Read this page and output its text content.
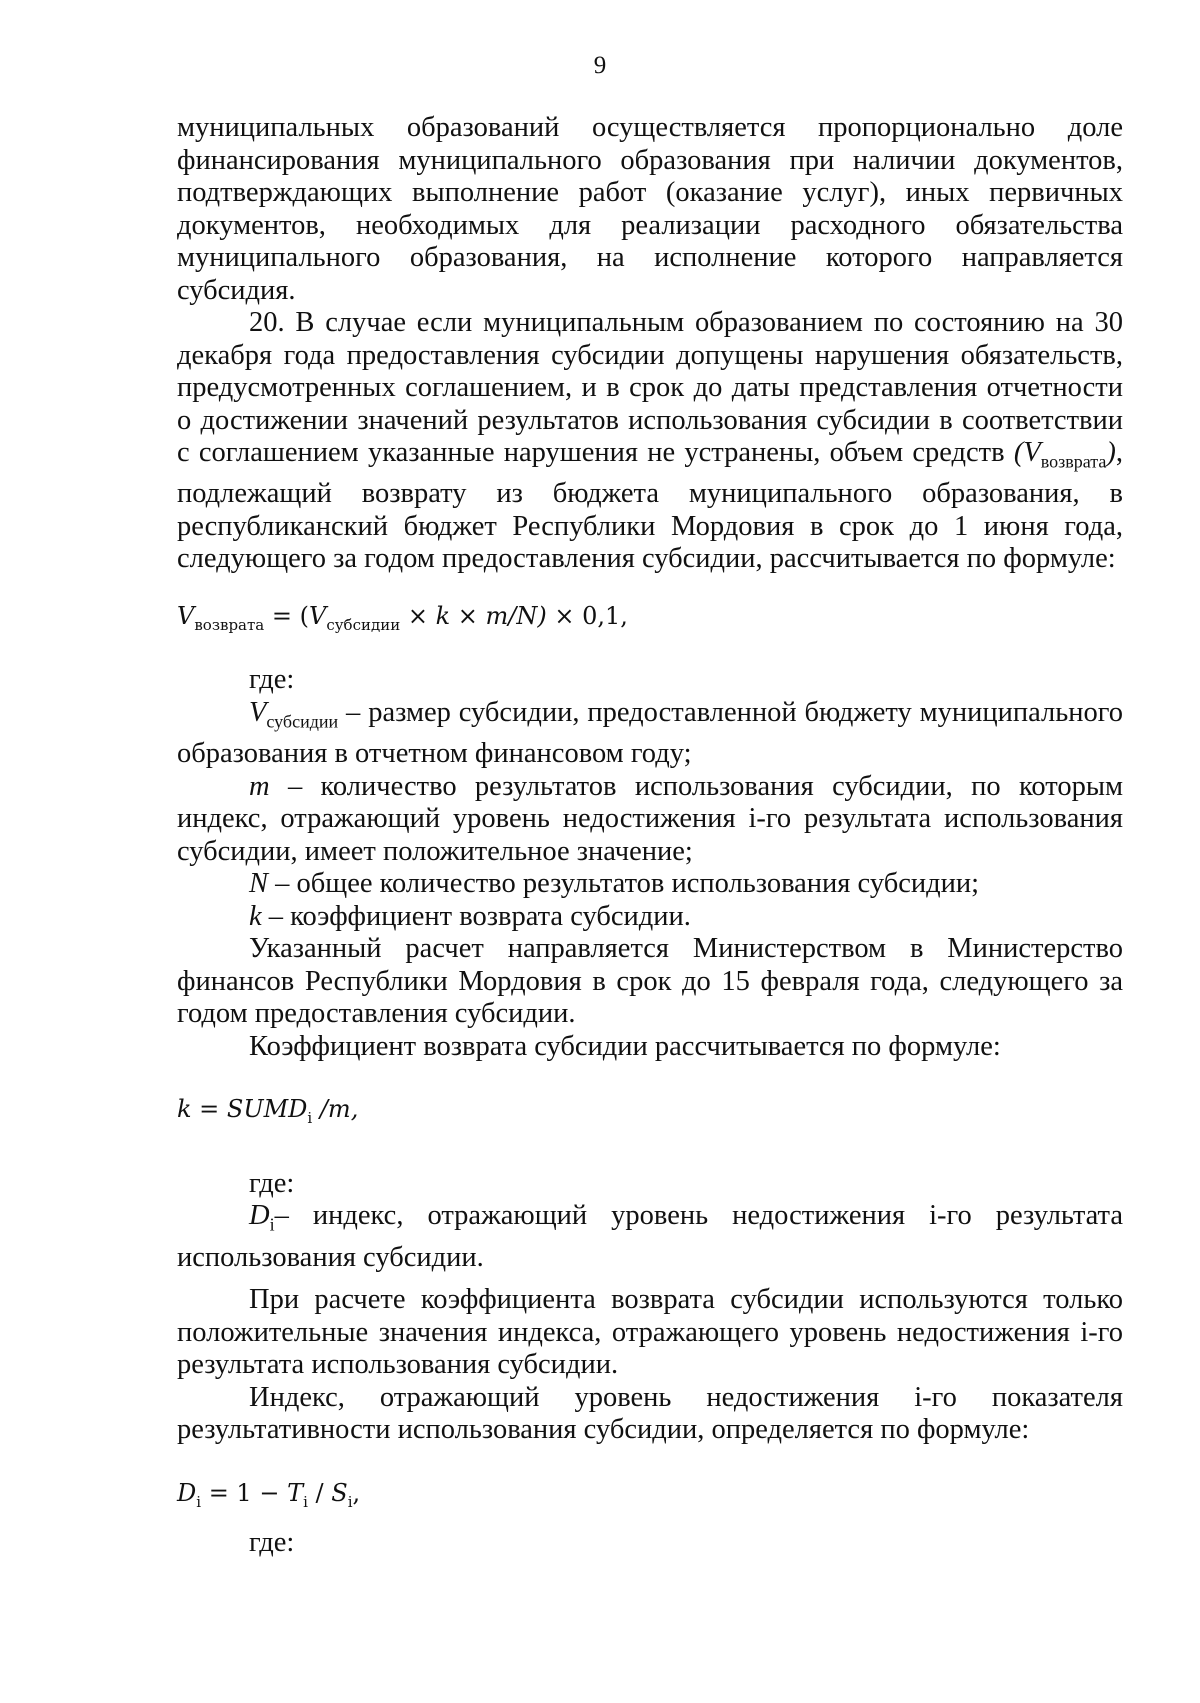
9

муниципальных образований осуществляется пропорционально доле финансирования муниципального образования при наличии документов, подтверждающих выполнение работ (оказание услуг), иных первичных документов, необходимых для реализации расходного обязательства муниципального образования, на исполнение которого направляется субсидия.

20. В случае если муниципальным образованием по состоянию на 30 декабря года предоставления субсидии допущены нарушения обязательств, предусмотренных соглашением, и в срок до даты представления отчетности о достижении значений результатов использования субсидии в соответствии с соглашением указанные нарушения не устранены, объем средств $(V_{возврата})$, подлежащий возврату из бюджета муниципального образования, в республиканский бюджет Республики Мордовия в срок до 1 июня года, следующего за годом предоставления субсидии, рассчитывается по формуле:

$V_{возврата} = (V_{субсидии} \times k \times m/N) \times 0,1$,

где:

$V_{субсидии}$ – размер субсидии, предоставленной бюджету муниципального образования в отчетном финансовом году;

m – количество результатов использования субсидии, по которым индекс, отражающий уровень недостижения i-го результата использования субсидии, имеет положительное значение;

N – общее количество результатов использования субсидии;

k – коэффициент возврата субсидии.

Указанный расчет направляется Министерством в Министерство финансов Республики Мордовия в срок до 15 февраля года, следующего за годом предоставления субсидии.

Коэффициент возврата субсидии рассчитывается по формуле:

$k = SUMD_i$ /m,

где:

$D_i-$ индекс, отражающий уровень недостижения i-го результата использования субсидии.

При расчете коэффициента возврата субсидии используются только положительные значения индекса, отражающего уровень недостижения i-го результата использования субсидии.

Индекс, отражающий уровень недостижения i-го показателя результативности использования субсидии, определяется по формуле:

$D_i = 1 - T_i / S_i$,

где:
